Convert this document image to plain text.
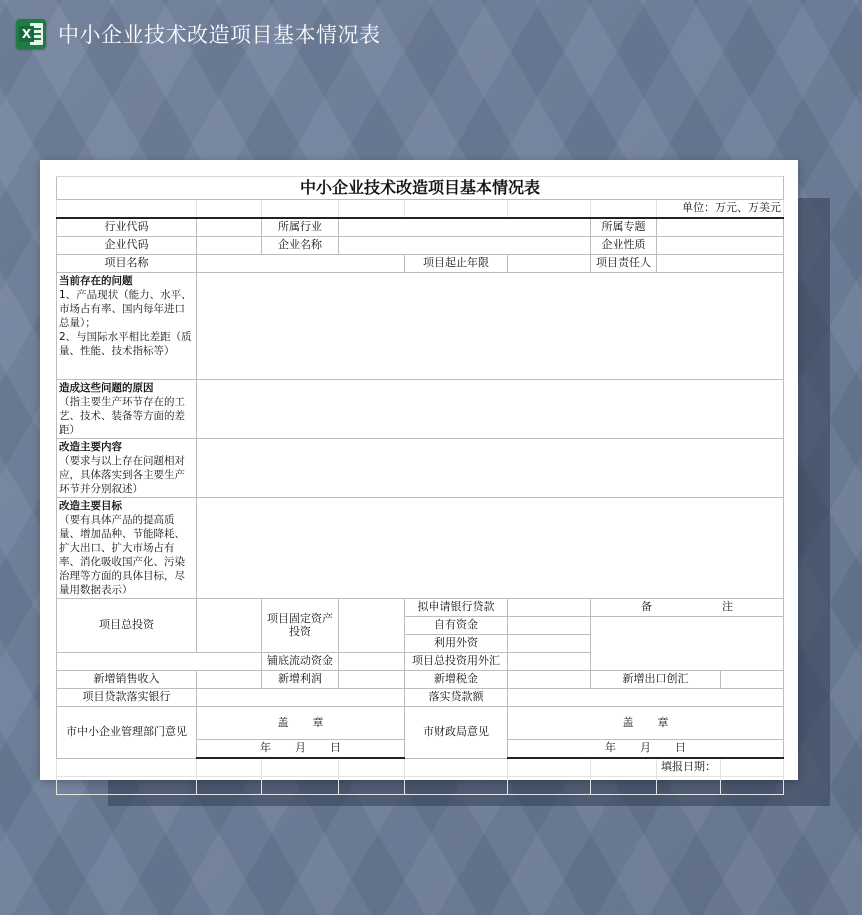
X 中小企业技术改造项目基本情况表
中小企业技术改造项目基本情况表								
							单位：万元、万美元	
行业代码		所属行业				所属专题		
企业代码		企业名称				企业性质		
项目名称				项目起止年限		项目责任人		

当前存在的问题
1、产品现状（能力、水平、市场占有率、国内每年进口总量）；
2、与国际水平相比差距（质量、性能、技术指标等）								

造成这些问题的原因
（指主要生产环节存在的工艺、技术、装备等方面的差距）								

改造主要内容
（要求与以上存在问题相对应，具体落实到各主要生产环节并分别叙述）								

改造主要目标
（要有具体产品的提高质量、增加品种、节能降耗、扩大出口、扩大市场占有率、消化吸收国产化、污染治理等方面的具体目标，尽量用数据表示）								

项目总投资		项目固定资产投资		拟申请银行贷款		备 注		
				自有资金				
				利用外资				
		铺底流动资金		项目总投资用外汇				
新增销售收入		新增利润		新增税金		新增出口创汇		
项目贷款落实银行				落实贷款额				
市中小企业管理部门意见	盖 章			市财政局意见	盖 章			
	年 月 日				年 月 日			
							填报日期：	
